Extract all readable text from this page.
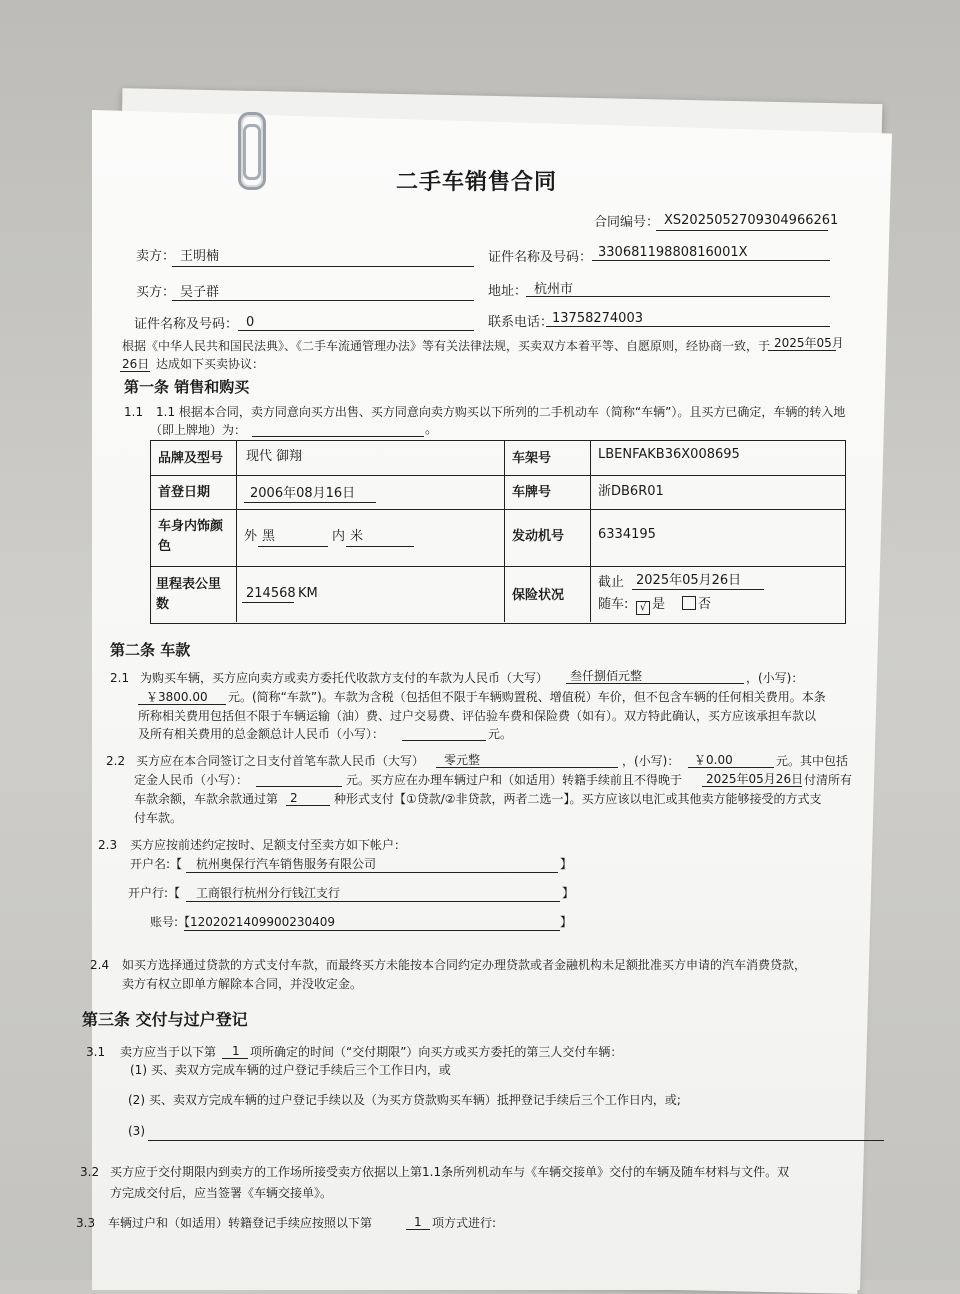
二手车销售合同
合同编号： XS2025052709304966261
卖方： 王明楠	证件名称及号码： 33068119880816001X
买方： 吴子群	地址： 杭州市
证件名称及号码： 0	联系电话：
13758274003
根据《中华人民共和国民法典》、《二手车流通管理办法》等有关法律法规，买卖双方本着平等、自愿原则，经协商一致，于 2025年05月
26日 达成如下买卖协议：
第一条 销售和购买
1.1 1.1 根据本合同，卖方同意向买方出售、买方同意向卖方购买以下所列的二手机动车（简称“车辆”）。且买方已确定，车辆的转入地
（即上牌地）为：	。
品牌及型号 现代 御翔	车架号	LBENFAKB36X008695
首登日期	2006年08月16日	车牌号	浙DB6R01
车身内饰颜
色
外 黑	内 米	发动机号	6334195
里程表公里
数
214568 KM	保险状况
截止 2025年05月26日
随车:	√ 是	否
第二条 车款
2.1 为购买车辆，买方应向卖方或卖方委托代收款方支付的车款为人民币（大写） 叁仟捌佰元整	，(小写)：
￥3800.00 元。(简称“车款”)。车款为含税（包括但不限于车辆购置税、增值税）车价，但不包含车辆的任何相关费用。本条
所称相关费用包括但不限于车辆运输（油）费、过户交易费、评估验车费和保险费（如有）。双方特此确认，买方应该承担车款以
及所有相关费用的总金额总计人民币（小写）：	元。
2.2 买方应在本合同签订之日支付首笔车款人民币（大写） 零元整	，(小写)： ￥0.00	元。其中包括
定金人民币（小写）：	元。买方应在办理车辆过户和（如适用）转籍手续前且不得晚于 2025年05月26日 付清所有
车款余额，车款余款通过第 2	种形式支付【①贷款/②非贷款，两者二选一】。买方应该以电汇或其他卖方能够接受的方式支
付车款。
2.3 买方应按前述约定按时、足额支付至卖方如下帐户：
开户名:【 杭州奥保行汽车销售服务有限公司	】
开户行:【 工商银行杭州分行钱江支行	】
账号:【 1202021409900230409	】
2.4 如买方选择通过贷款的方式支付车款，而最终买方未能按本合同约定办理贷款或者金融机构未足额批准买方申请的汽车消费贷款，
卖方有权立即单方解除本合同，并没收定金。
第三条 交付与过户登记
3.1 卖方应当于以下第 1 项所确定的时间（“交付期限”）向买方或买方委托的第三人交付车辆：
(1) 买、卖双方完成车辆的过户登记手续后三个工作日内，或
(2) 买、卖双方完成车辆的过户登记手续以及（为买方贷款购买车辆）抵押登记手续后三个工作日内，或;
(3)
3.2 买方应于交付期限内到卖方的工作场所接受卖方依据以上第1.1条所列机动车与《车辆交接单》交付的车辆及随车材料与文件。双
方完成交付后，应当签署《车辆交接单》。
3.3 车辆过户和（如适用）转籍登记手续应按照以下第	1 项方式进行:
